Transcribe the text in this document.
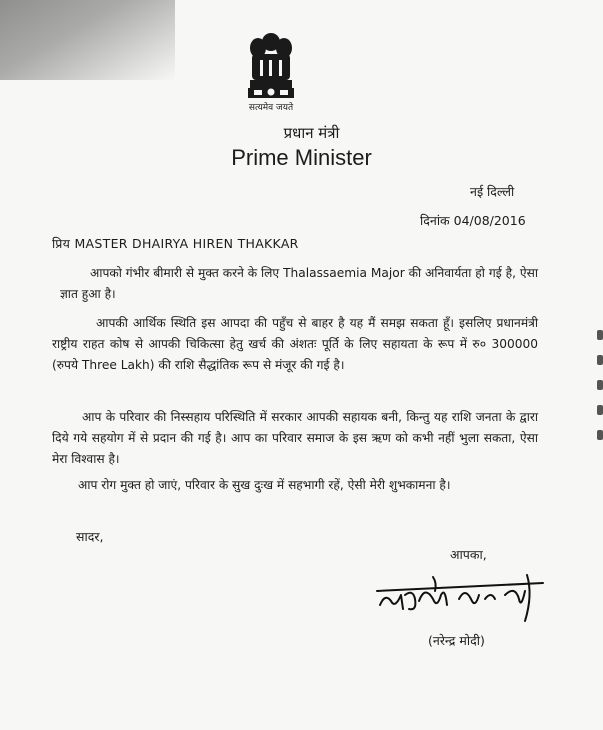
सत्यमेव जयते
प्रधान मंत्री
Prime Minister
नई दिल्ली
दिनांक 04/08/2016
प्रिय MASTER DHAIRYA HIREN THAKKAR

आपको गंभीर बीमारी से मुक्त करने के लिए Thalassaemia Major की अनिवार्यता हो गई है, ऐसा ज्ञात हुआ है।

आपकी आर्थिक स्थिति इस आपदा की पहुँच से बाहर है यह मैं समझ सकता हूँ। इसलिए प्रधानमंत्री राष्ट्रीय राहत कोष से आपकी चिकित्सा हेतु खर्च की अंशतः पूर्ति के लिए सहायता के रूप में रु० 300000 (रुपये Three Lakh) की राशि सैद्धांतिक रूप से मंजूर की गई है।

आप के परिवार की निस्सहाय परिस्थिति में सरकार आपकी सहायक बनी, किन्तु यह राशि जनता के द्वारा दिये गये सहयोग में से प्रदान की गई है। आप का परिवार समाज के इस ऋण को कभी नहीं भुला सकता, ऐसा मेरा विश्वास है।

आप रोग मुक्त हो जाएं, परिवार के सुख दुःख में सहभागी रहें, ऐसी मेरी शुभकामना है।

सादर,
आपका,
(नरेन्द्र मोदी)
